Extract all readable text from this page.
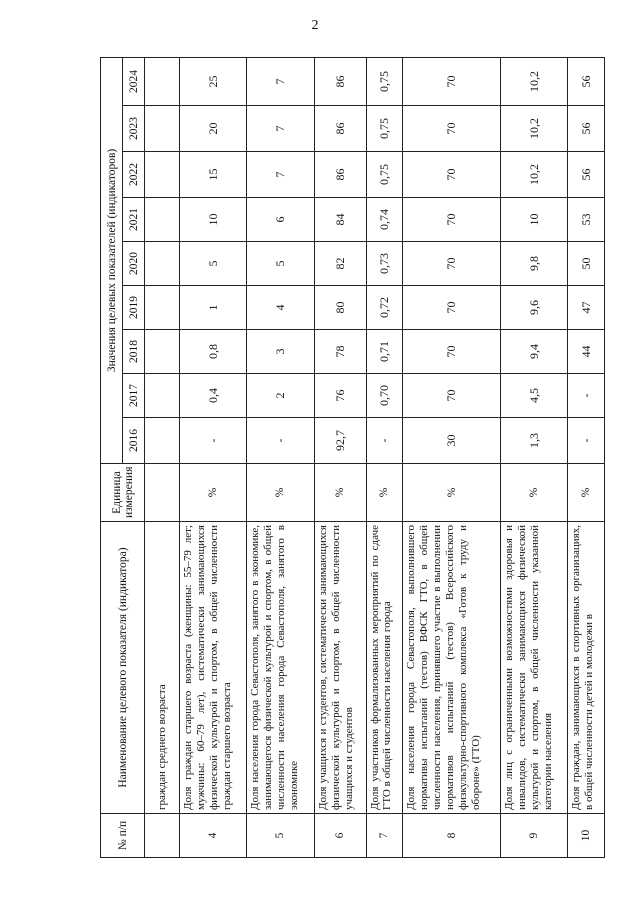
2
№ п/п	Наименование целевого показателя (индикатора)	Единица измерения	Значения целевых показателей (индикаторов)								
			2016	2017	2018	2019	2020	2021	2022	2023	2024
	граждан среднего возраста										
4	Доля граждан старшего возраста (женщины: 55–79 лет; мужчины: 60–79 лет), систематически занимающихся физической культурой и спортом, в общей численности граждан старшего возраста	%	-	0,4	0,8	1	5	10	15	20	25
5	Доля населения города Севастополя, занятого в экономике, занимающегося физической культурой и спортом, в общей численности населения города Севастополя, занятого в экономике	%	-	2	3	4	5	6	7	7	7
6	Доля учащихся и студентов, систематически занимающихся физической культурой и спортом, в общей численности учащихся и студентов	%	92,7	76	78	80	82	84	86	86	86
7	Доля участников формализованных мероприятий по сдаче ГТО в общей численности населения города	%	-	0,70	0,71	0,72	0,73	0,74	0,75	0,75	0,75
8	Доля населения города Севастополя, выполнившего нормативы испытаний (тестов) ВФСК ГТО, в общей численности населения, принявшего участие в выполнении нормативов испытаний (тестов) Всероссийского физкультурно-спортивного комплекса «Готов к труду и обороне» (ГТО)	%	30	70	70	70	70	70	70	70	70
9	Доля лиц с ограниченными возможностями здоровья и инвалидов, систематически занимающихся физической культурой и спортом, в общей численности указанной категории населения	%	1,3	4,5	9,4	9,6	9,8	10	10,2	10,2	10,2
10	Доля граждан, занимающихся в спортивных организациях, в общей численности детей и молодежи в	%	-	-	44	47	50	53	56	56	56
